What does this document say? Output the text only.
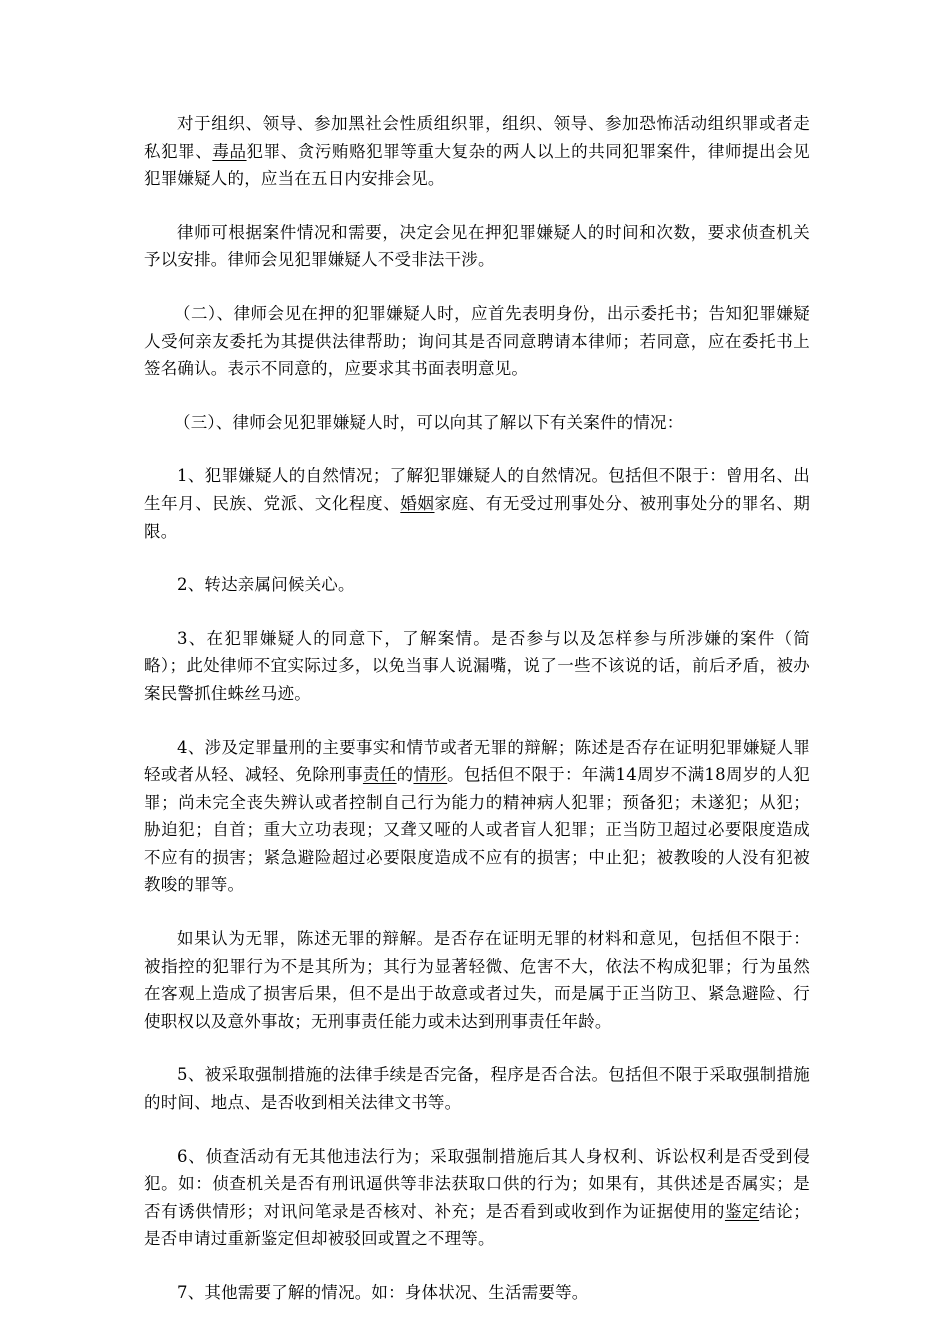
对于组织、领导、参加黑社会性质组织罪，组织、领导、参加恐怖活动组织罪或者走私犯罪、毒品犯罪、贪污贿赂犯罪等重大复杂的两人以上的共同犯罪案件，律师提出会见犯罪嫌疑人的，应当在五日内安排会见。

律师可根据案件情况和需要，决定会见在押犯罪嫌疑人的时间和次数，要求侦查机关予以安排。律师会见犯罪嫌疑人不受非法干涉。

（二）、律师会见在押的犯罪嫌疑人时，应首先表明身份，出示委托书；告知犯罪嫌疑人受何亲友委托为其提供法律帮助；询问其是否同意聘请本律师；若同意，应在委托书上签名确认。表示不同意的，应要求其书面表明意见。

（三）、律师会见犯罪嫌疑人时，可以向其了解以下有关案件的情况：

1、犯罪嫌疑人的自然情况；了解犯罪嫌疑人的自然情况。包括但不限于：曾用名、出生年月、民族、党派、文化程度、婚姻家庭、有无受过刑事处分、被刑事处分的罪名、期限。

2、转达亲属问候关心。

3、在犯罪嫌疑人的同意下，了解案情。是否参与以及怎样参与所涉嫌的案件（简略）；此处律师不宜实际过多，以免当事人说漏嘴，说了一些不该说的话，前后矛盾，被办案民警抓住蛛丝马迹。

4、涉及定罪量刑的主要事实和情节或者无罪的辩解；陈述是否存在证明犯罪嫌疑人罪轻或者从轻、减轻、免除刑事责任的情形。包括但不限于：年满14周岁不满18周岁的人犯罪；尚未完全丧失辨认或者控制自己行为能力的精神病人犯罪；预备犯；未遂犯；从犯；胁迫犯；自首；重大立功表现；又聋又哑的人或者盲人犯罪；正当防卫超过必要限度造成不应有的损害；紧急避险超过必要限度造成不应有的损害；中止犯；被教唆的人没有犯被教唆的罪等。

如果认为无罪，陈述无罪的辩解。是否存在证明无罪的材料和意见，包括但不限于：被指控的犯罪行为不是其所为；其行为显著轻微、危害不大，依法不构成犯罪；行为虽然在客观上造成了损害后果，但不是出于故意或者过失，而是属于正当防卫、紧急避险、行使职权以及意外事故；无刑事责任能力或未达到刑事责任年龄。

5、被采取强制措施的法律手续是否完备，程序是否合法。包括但不限于采取强制措施的时间、地点、是否收到相关法律文书等。

6、侦查活动有无其他违法行为；采取强制措施后其人身权利、诉讼权利是否受到侵犯。如：侦查机关是否有刑讯逼供等非法获取口供的行为；如果有，其供述是否属实；是否有诱供情形；对讯问笔录是否核对、补充；是否看到或收到作为证据使用的鉴定结论；是否申请过重新鉴定但却被驳回或置之不理等。

7、其他需要了解的情况。如：身体状况、生活需要等。
